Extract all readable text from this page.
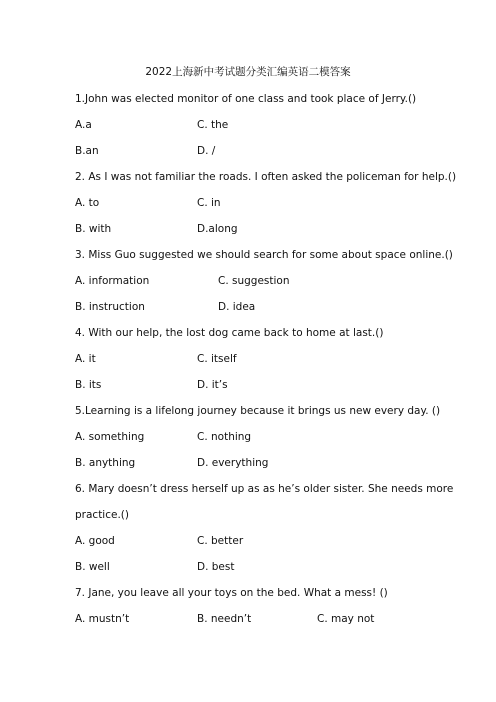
2022上海新中考试题分类汇编英语二模答案
1.John was elected monitor of one class and took place of Jerry.()
A.a	C. the
B.an	D. /
2. As I was not familiar the roads. I often asked the policeman for help.()
A. to	C. in
B. with	D.along
3. Miss Guo suggested we should search for some about space online.()
A. information	C. suggestion
B. instruction	D. idea
4. With our help, the lost dog came back to home at last.()
A. it	C. itself
B. its	D. it’s
5.Learning is a lifelong journey because it brings us new every day. ()
A. something	C. nothing
B. anything	D. everything
6. Mary doesn’t dress herself up as as he’s older sister. She needs more
practice.()
A. good	C. better
B. well	D. best
7. Jane, you leave all your toys on the bed. What a mess! ()
A. mustn’t	B. needn’t	C. may not
